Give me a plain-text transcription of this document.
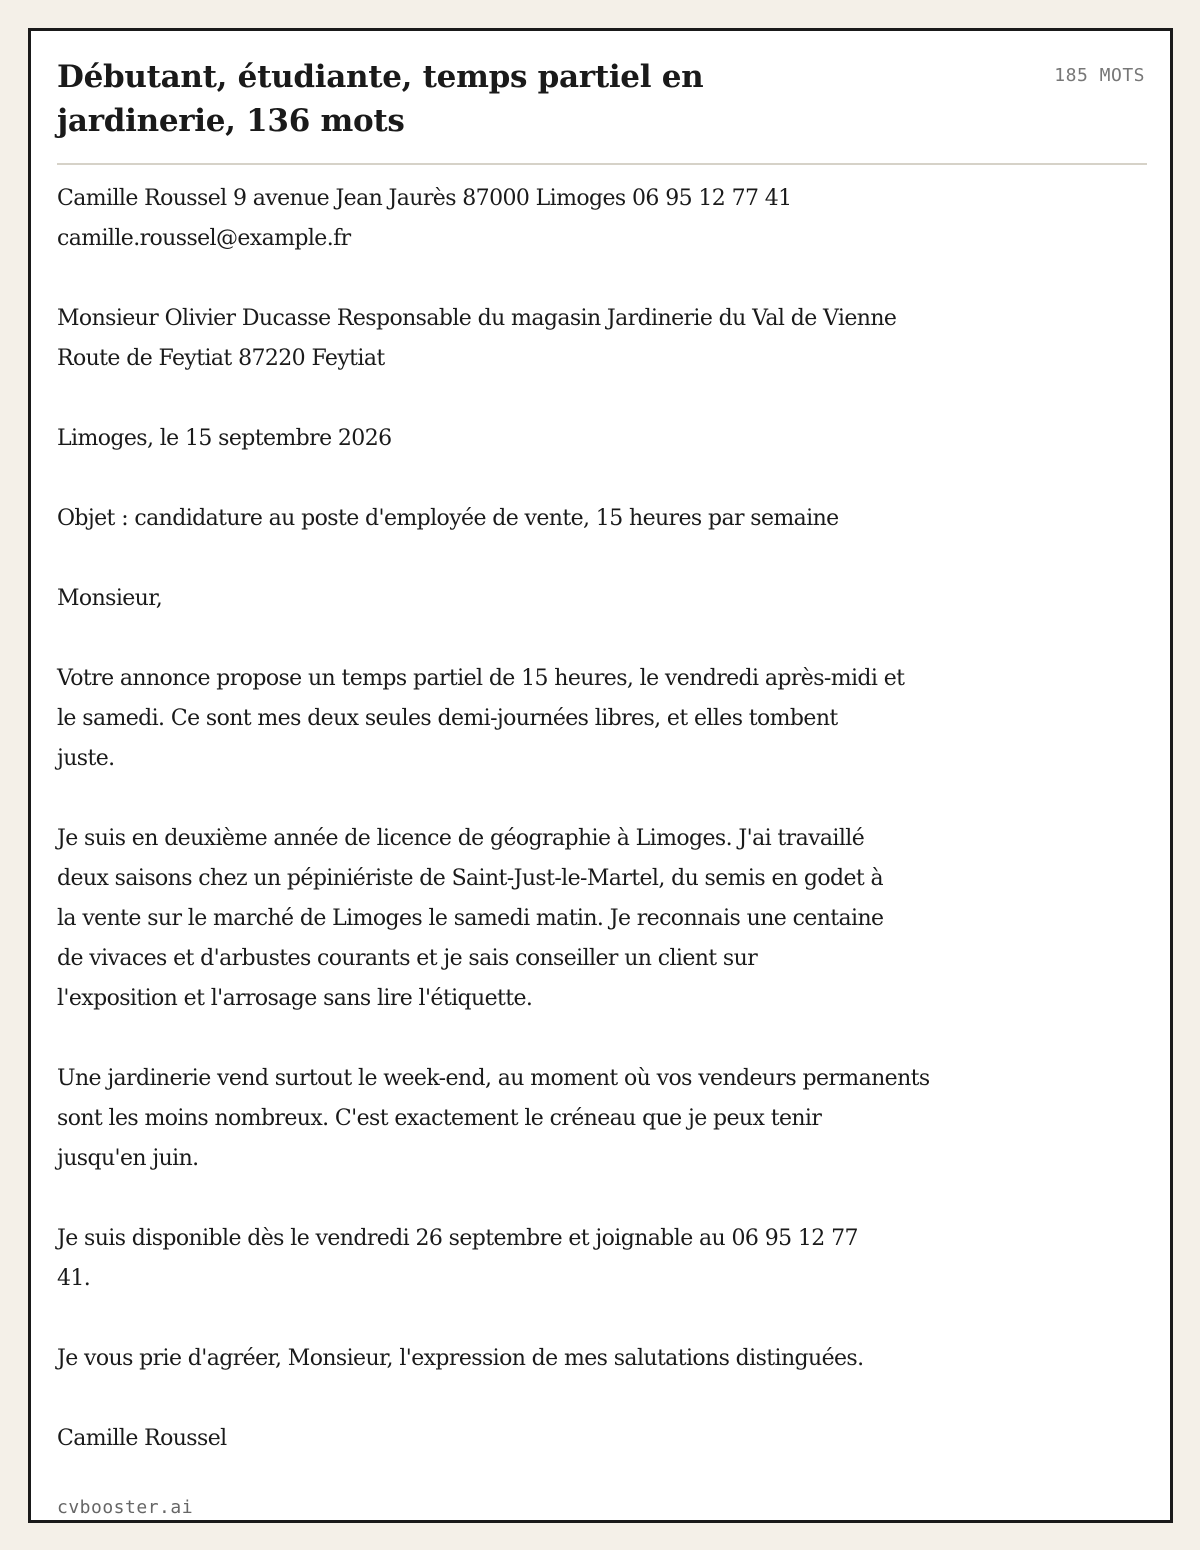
Débutant, étudiante, temps partiel en jardinerie, 136 mots
185 MOTS

Camille Roussel 9 avenue Jean Jaurès 87000 Limoges 06 95 12 77 41
camille.roussel@example.fr

Monsieur Olivier Ducasse Responsable du magasin Jardinerie du Val de Vienne
Route de Feytiat 87220 Feytiat

Limoges, le 15 septembre 2026

Objet : candidature au poste d'employée de vente, 15 heures par semaine

Monsieur,

Votre annonce propose un temps partiel de 15 heures, le vendredi après-midi et
le samedi. Ce sont mes deux seules demi-journées libres, et elles tombent
juste.

Je suis en deuxième année de licence de géographie à Limoges. J'ai travaillé
deux saisons chez un pépiniériste de Saint-Just-le-Martel, du semis en godet à
la vente sur le marché de Limoges le samedi matin. Je reconnais une centaine
de vivaces et d'arbustes courants et je sais conseiller un client sur
l'exposition et l'arrosage sans lire l'étiquette.

Une jardinerie vend surtout le week-end, au moment où vos vendeurs permanents
sont les moins nombreux. C'est exactement le créneau que je peux tenir
jusqu'en juin.

Je suis disponible dès le vendredi 26 septembre et joignable au 06 95 12 77
41.

Je vous prie d'agréer, Monsieur, l'expression de mes salutations distinguées.

Camille Roussel

cvbooster.ai
